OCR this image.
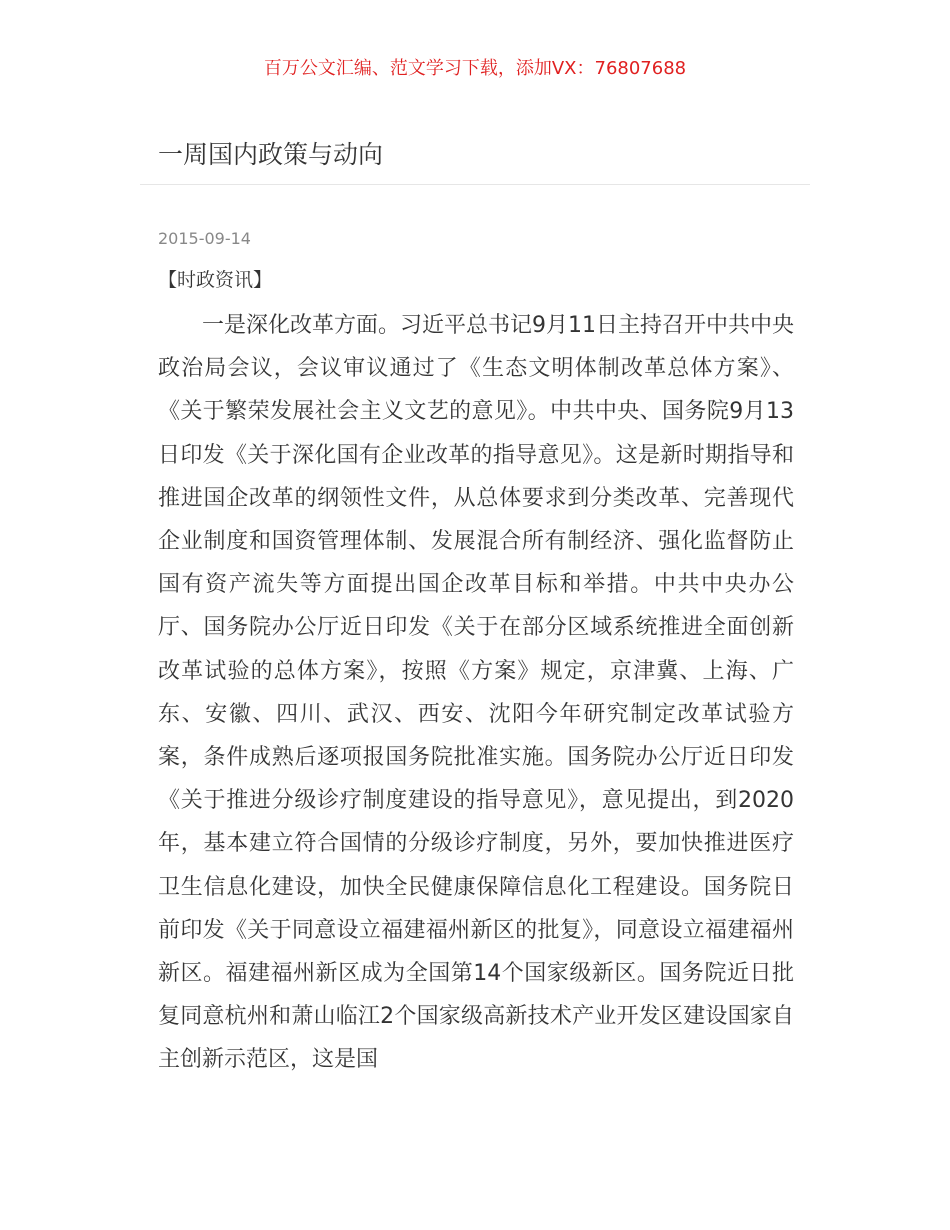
百万公文汇编、范文学习下载，添加VX：76807688
一周国内政策与动向
2015-09-14
【时政资讯】

一是深化改革方面。习近平总书记9月11日主持召开中共中央政治局会议，会议审议通过了《生态文明体制改革总体方案》、《关于繁荣发展社会主义文艺的意见》。中共中央、国务院9月13日印发《关于深化国有企业改革的指导意见》。这是新时期指导和推进国企改革的纲领性文件，从总体要求到分类改革、完善现代企业制度和国资管理体制、发展混合所有制经济、强化监督防止国有资产流失等方面提出国企改革目标和举措。中共中央办公厅、国务院办公厅近日印发《关于在部分区域系统推进全面创新改革试验的总体方案》，按照《方案》规定，京津冀、上海、广东、安徽、四川、武汉、西安、沈阳今年研究制定改革试验方案，条件成熟后逐项报国务院批准实施。国务院办公厅近日印发《关于推进分级诊疗制度建设的指导意见》，意见提出，到2020年，基本建立符合国情的分级诊疗制度，另外，要加快推进医疗卫生信息化建设，加快全民健康保障信息化工程建设。国务院日前印发《关于同意设立福建福州新区的批复》，同意设立福建福州新区。福建福州新区成为全国第14个国家级新区。国务院近日批复同意杭州和萧山临江2个国家级高新技术产业开发区建设国家自主创新示范区，这是国
